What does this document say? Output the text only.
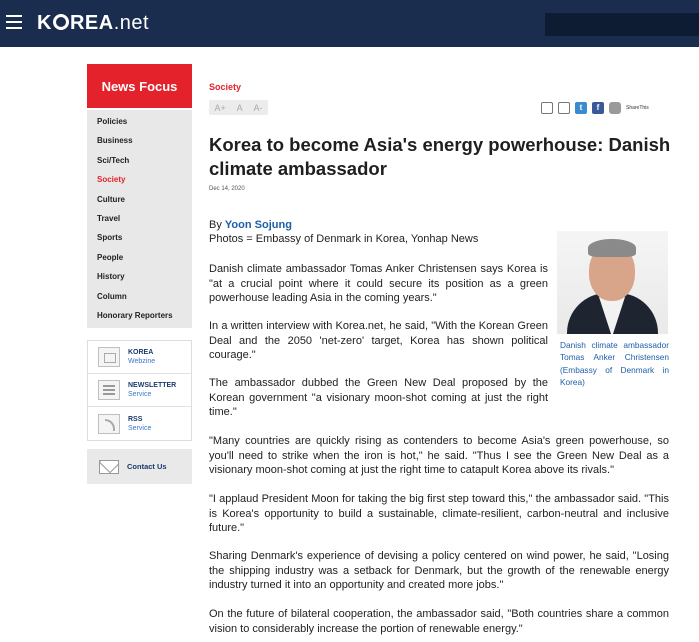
K REA.net
News Focus
Policies
Business
Sci/Tech
Society
Culture
Travel
Sports
People
History
Column
Honorary Reporters
KOREA
Webzine
NEWSLETTER
Service
RSS
Service
Contact Us
Society
A+ A A-	t	f	ShareThis
Korea to become Asia's energy powerhouse: Danish climate ambassador
Dec 14, 2020
By Yoon Sojung
Photos = Embassy of Denmark in Korea, Yonhap News
Danish climate ambassador Tomas Anker Christensen (Embassy of Denmark in Korea)

Danish climate ambassador Tomas Anker Christensen says Korea is "at a crucial point where it could secure its position as a green powerhouse leading Asia in the coming years."

In a written interview with Korea.net, he said, "With the Korean Green Deal and the 2050 'net-zero' target, Korea has shown political courage."

The ambassador dubbed the Green New Deal proposed by the Korean government "a visionary moon-shot coming at just the right time."

"Many countries are quickly rising as contenders to become Asia's green powerhouse, so you'll need to strike when the iron is hot," he said. "Thus I see the Green New Deal as a visionary moon-shot coming at just the right time to catapult Korea above its rivals."

"I applaud President Moon for taking the big first step toward this," the ambassador said. "This is Korea's opportunity to build a sustainable, climate-resilient, carbon-neutral and inclusive future."

Sharing Denmark's experience of devising a policy centered on wind power, he said, "Losing the shipping industry was a setback for Denmark, but the growth of the renewable energy industry turned it into an opportunity and created more jobs."

On the future of bilateral cooperation, the ambassador said, "Both countries share a common vision to considerably increase the portion of renewable energy."
